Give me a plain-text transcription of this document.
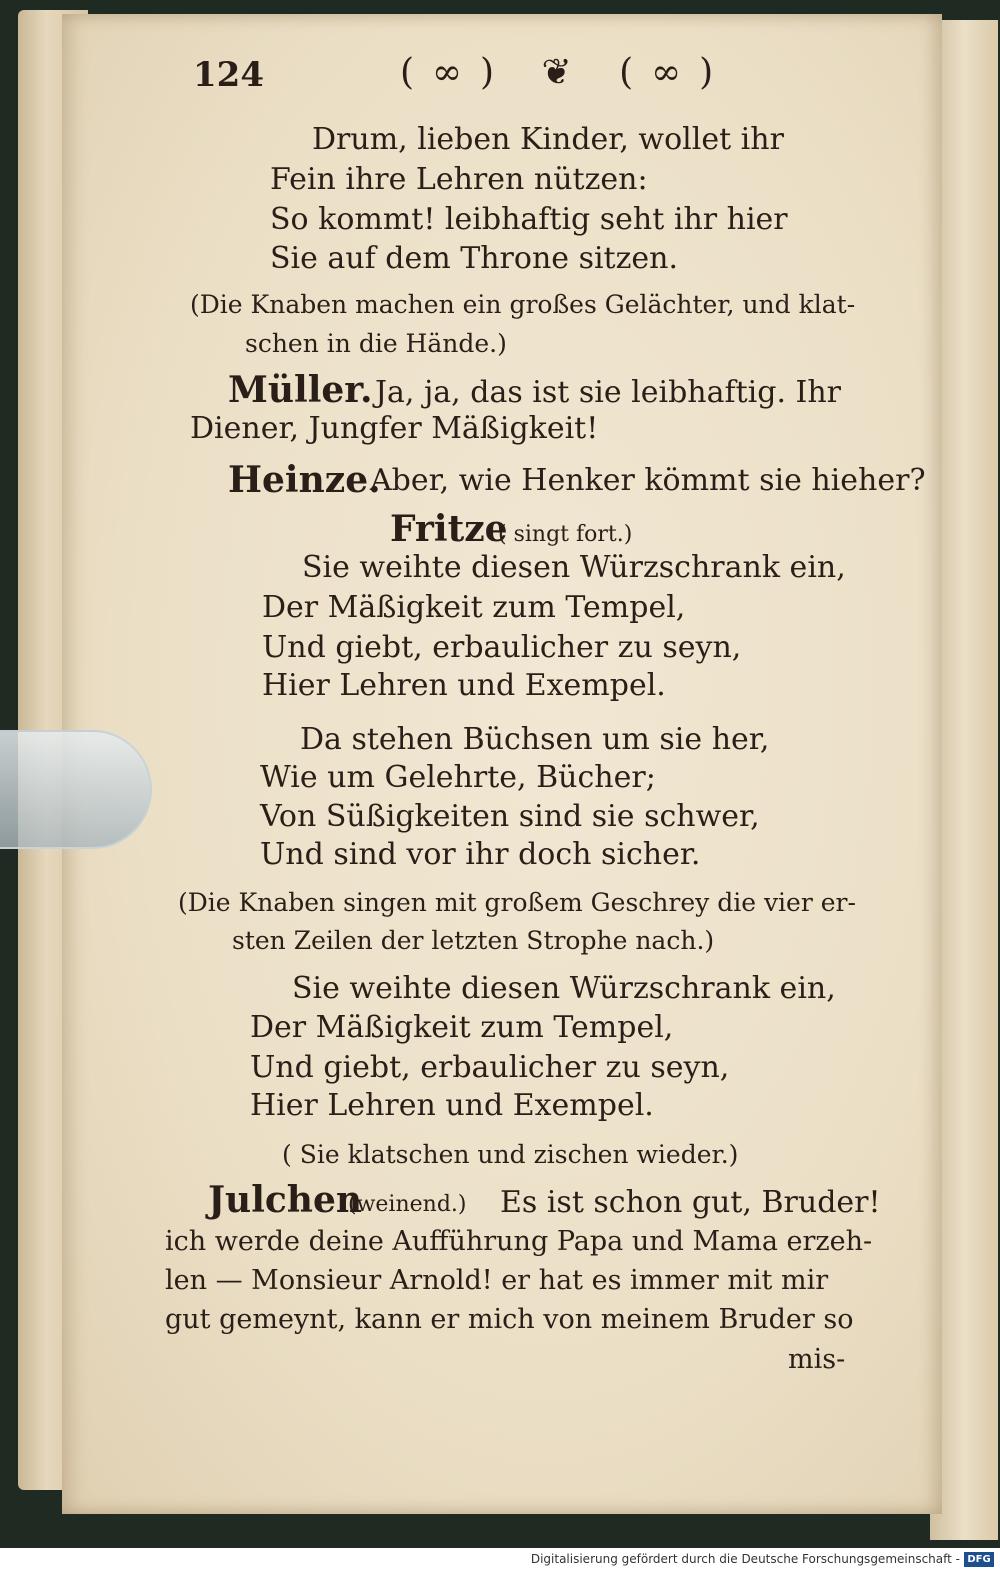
124	(∞) ❦ (∞)
Drum, lieben Kinder, wollet ihr
Fein ihre Lehren nützen:
So kommt! leibhaftig seht ihr hier
Sie auf dem Throne sitzen.
(Die Knaben machen ein großes Gelächter, und klat-
schen in die Hände.)
Müller. Ja, ja, das ist sie leibhaftig. Ihr
Diener, Jungfer Mäßigkeit!
Heinze.
Aber, wie Henker kömmt sie hieher?
Fritze
( singt fort.)
Sie weihte diesen Würzschrank ein,
Der Mäßigkeit zum Tempel,
Und giebt, erbaulicher zu seyn,
Hier Lehren und Exempel.
Da stehen Büchsen um sie her,
Wie um Gelehrte, Bücher;
Von Süßigkeiten sind sie schwer,
Und sind vor ihr doch sicher.
(Die Knaben singen mit großem Geschrey die vier er-
sten Zeilen der letzten Strophe nach.)
Sie weihte diesen Würzschrank ein,
Der Mäßigkeit zum Tempel,
Und giebt, erbaulicher zu seyn,
Hier Lehren und Exempel.
( Sie klatschen und zischen wieder.)
Julchen
(weinend.) Es ist schon gut, Bruder!
ich werde deine Aufführung Papa und Mama erzeh-
len — Monsieur Arnold! er hat es immer mit mir
gut gemeynt, kann er mich von meinem Bruder so
mis-
Digitalisierung gefördert durch die Deutsche Forschungsgemeinschaft - DFG
